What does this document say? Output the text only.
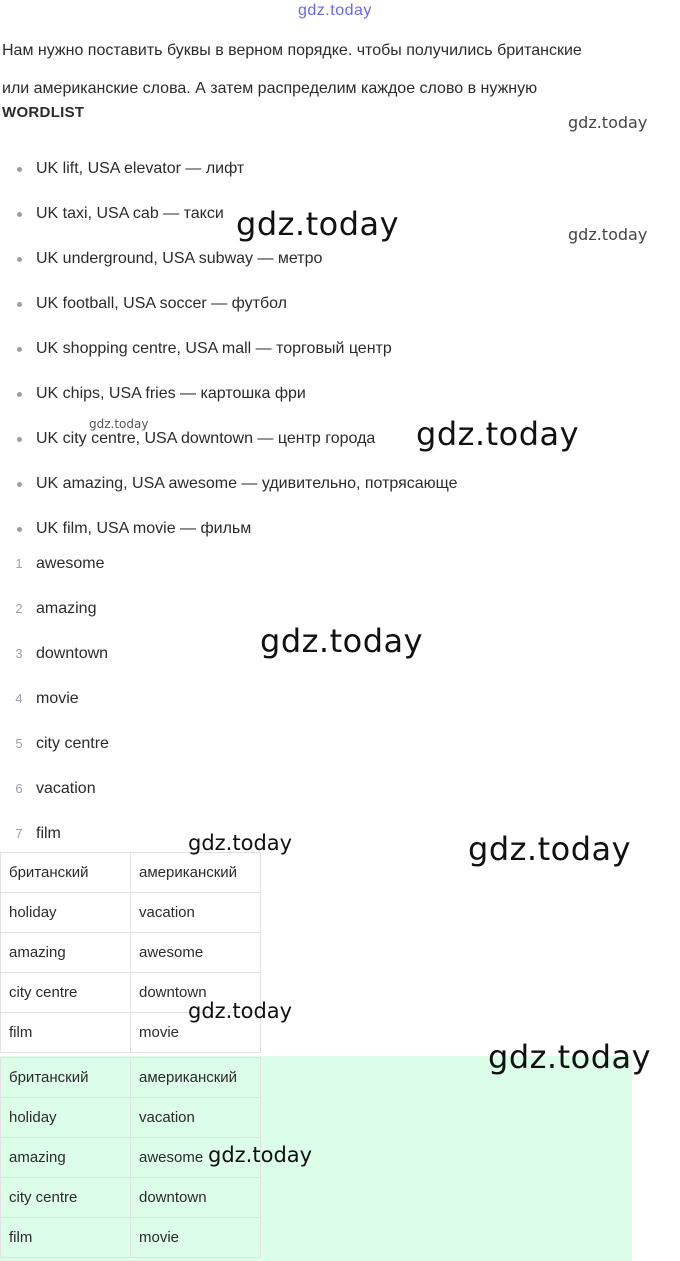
gdz.today

Нам нужно поставить буквы в верном порядке. чтобы получились британские

или американские слова. А затем распределим каждое слово в нужную

WORDLIST
UK lift, USA elevator — лифт
UK taxi, USA cab — такси
UK underground, USA subway — метро
UK football, USA soccer — футбол
UK shopping centre, USA mall — торговый центр
UK chips, USA fries — картошка фри
UK city centre, USA downtown — центр города
UK amazing, USA awesome — удивительно, потрясающе
UK film, USA movie — фильм
1 awesome
2 amazing
3 downtown
4 movie
5 city centre
6 vacation
7 film
британский	американский
holiday	vacation
amazing	awesome
city centre	downtown
film	movie
британский	американский
holiday	vacation
amazing	awesome
city centre	downtown
film	movie
gdz.today
gdz.today	gdz.today
gdz.today	gdz.today
gdz.today
gdz.today	gdz.today
gdz.today
gdz.today
gdz.today
